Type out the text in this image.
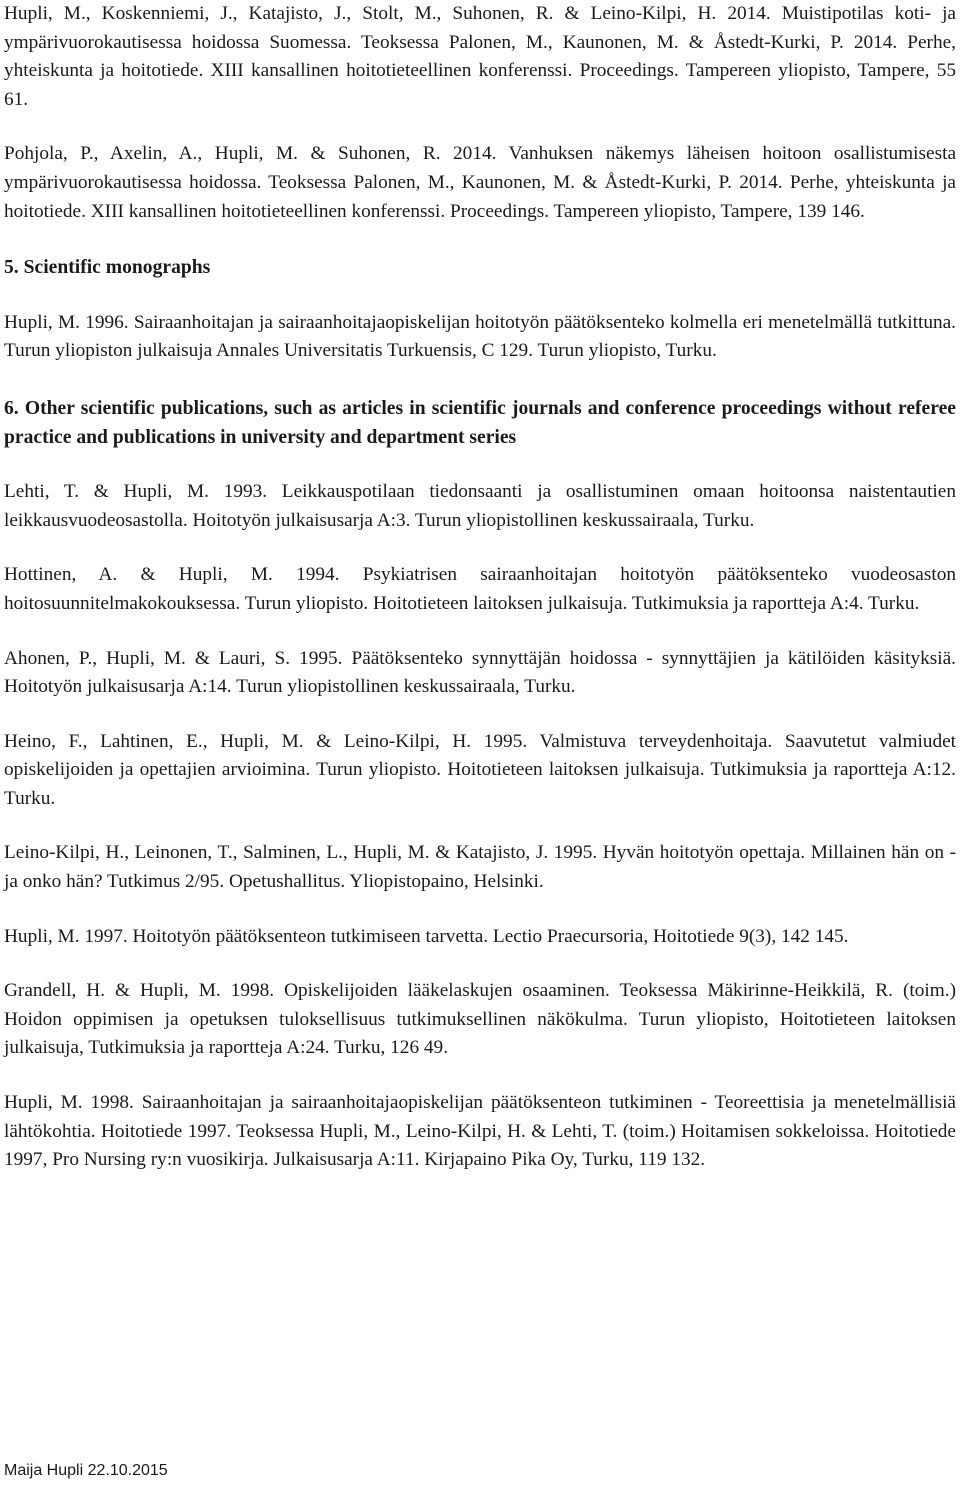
Hupli, M., Koskenniemi, J., Katajisto, J., Stolt, M., Suhonen, R. & Leino-Kilpi, H. 2014. Muistipotilas koti- ja ympärivuorokautisessa hoidossa Suomessa. Teoksessa Palonen, M., Kaunonen, M. & Åstedt-Kurki, P. 2014. Perhe, yhteiskunta ja hoitotiede. XIII kansallinen hoitotieteellinen konferenssi. Proceedings. Tampereen yliopisto, Tampere, 55 61.

Pohjola, P., Axelin, A., Hupli, M. & Suhonen, R. 2014. Vanhuksen näkemys läheisen hoitoon osallistumisesta ympärivuorokautisessa hoidossa. Teoksessa Palonen, M., Kaunonen, M. & Åstedt-Kurki, P. 2014. Perhe, yhteiskunta ja hoitotiede. XIII kansallinen hoitotieteellinen konferenssi. Proceedings. Tampereen yliopisto, Tampere, 139 146.

5. Scientific monographs

Hupli, M. 1996. Sairaanhoitajan ja sairaanhoitajaopiskelijan hoitotyön päätöksenteko kolmella eri menetelmällä tutkittuna. Turun yliopiston julkaisuja Annales Universitatis Turkuensis, C 129. Turun yliopisto, Turku.

6. Other scientific publications, such as articles in scientific journals and conference proceedings without referee practice and publications in university and department series

Lehti, T. & Hupli, M. 1993. Leikkauspotilaan tiedonsaanti ja osallistuminen omaan hoitoonsa naistentautien leikkausvuodeosastolla. Hoitotyön julkaisusarja A:3. Turun yliopistollinen keskussairaala, Turku.

Hottinen, A. & Hupli, M. 1994. Psykiatrisen sairaanhoitajan hoitotyön päätöksenteko vuodeosaston hoitosuunnitelmakokouksessa. Turun yliopisto. Hoitotieteen laitoksen julkaisuja. Tutkimuksia ja raportteja A:4. Turku.

Ahonen, P., Hupli, M. & Lauri, S. 1995. Päätöksenteko synnyttäjän hoidossa - synnyttäjien ja kätilöiden käsityksiä. Hoitotyön julkaisusarja A:14. Turun yliopistollinen keskussairaala, Turku.

Heino, F., Lahtinen, E., Hupli, M. & Leino-Kilpi, H. 1995. Valmistuva terveydenhoitaja. Saavutetut valmiudet opiskelijoiden ja opettajien arvioimina. Turun yliopisto. Hoitotieteen laitoksen julkaisuja. Tutkimuksia ja raportteja A:12. Turku.

Leino-Kilpi, H., Leinonen, T., Salminen, L., Hupli, M. & Katajisto, J. 1995. Hyvän hoitotyön opettaja. Millainen hän on - ja onko hän? Tutkimus 2/95. Opetushallitus. Yliopistopaino, Helsinki.

Hupli, M. 1997. Hoitotyön päätöksenteon tutkimiseen tarvetta. Lectio Praecursoria, Hoitotiede 9(3), 142 145.

Grandell, H. & Hupli, M. 1998. Opiskelijoiden lääkelaskujen osaaminen. Teoksessa Mäkirinne-Heikkilä, R. (toim.) Hoidon oppimisen ja opetuksen tuloksellisuus tutkimuksellinen näkökulma. Turun yliopisto, Hoitotieteen laitoksen julkaisuja, Tutkimuksia ja raportteja A:24. Turku, 126 49.

Hupli, M. 1998. Sairaanhoitajan ja sairaanhoitajaopiskelijan päätöksenteon tutkiminen - Teoreettisia ja menetelmällisiä lähtökohtia. Hoitotiede 1997. Teoksessa Hupli, M., Leino-Kilpi, H. & Lehti, T. (toim.) Hoitamisen sokkeloissa. Hoitotiede 1997, Pro Nursing ry:n vuosikirja. Julkaisusarja A:11. Kirjapaino Pika Oy, Turku, 119 132.

Maija Hupli 22.10.2015
